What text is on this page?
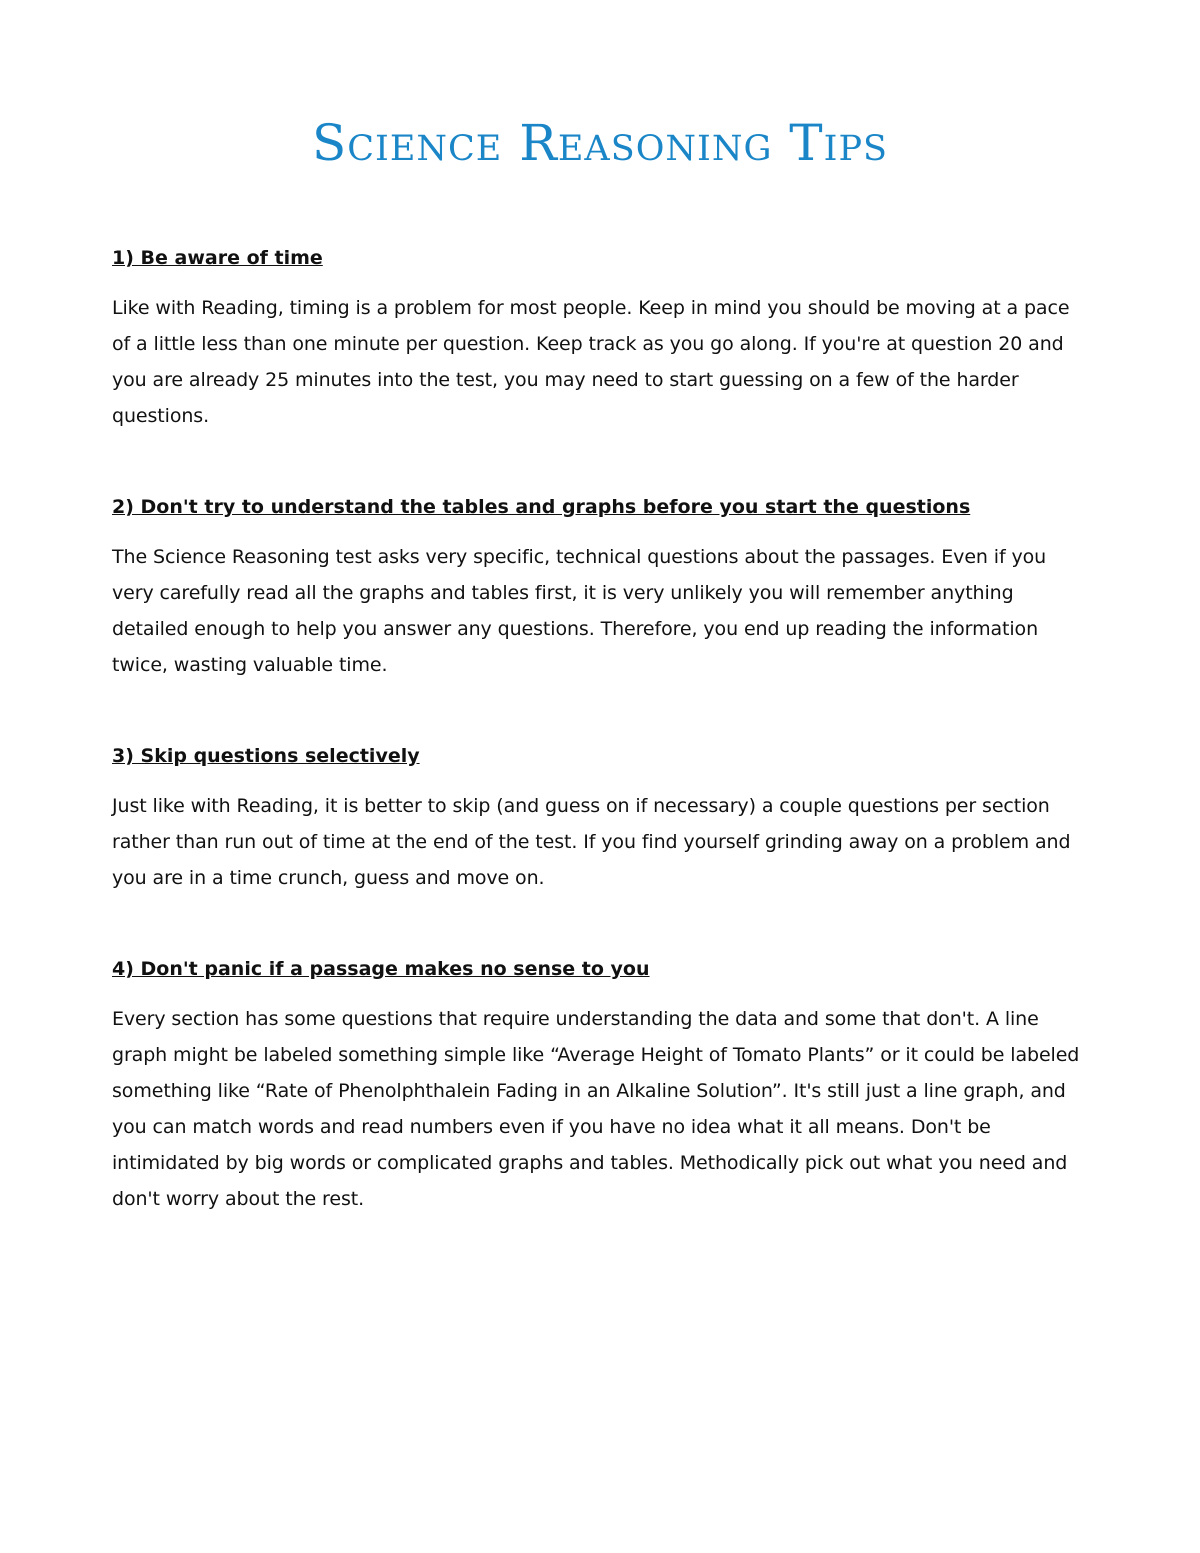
Science Reasoning Tips

1) Be aware of time

Like with Reading, timing is a problem for most people. Keep in mind you should be moving at a pace of a little less than one minute per question. Keep track as you go along. If you're at question 20 and you are already 25 minutes into the test, you may need to start guessing on a few of the harder questions.

2) Don't try to understand the tables and graphs before you start the questions

The Science Reasoning test asks very specific, technical questions about the passages. Even if you very carefully read all the graphs and tables first, it is very unlikely you will remember anything detailed enough to help you answer any questions. Therefore, you end up reading the information twice, wasting valuable time.

3) Skip questions selectively

Just like with Reading, it is better to skip (and guess on if necessary) a couple questions per section rather than run out of time at the end of the test. If you find yourself grinding away on a problem and you are in a time crunch, guess and move on.

4) Don't panic if a passage makes no sense to you

Every section has some questions that require understanding the data and some that don't. A line graph might be labeled something simple like “Average Height of Tomato Plants” or it could be labeled something like “Rate of Phenolphthalein Fading in an Alkaline Solution”. It's still just a line graph, and you can match words and read numbers even if you have no idea what it all means. Don't be intimidated by big words or complicated graphs and tables. Methodically pick out what you need and don't worry about the rest.
